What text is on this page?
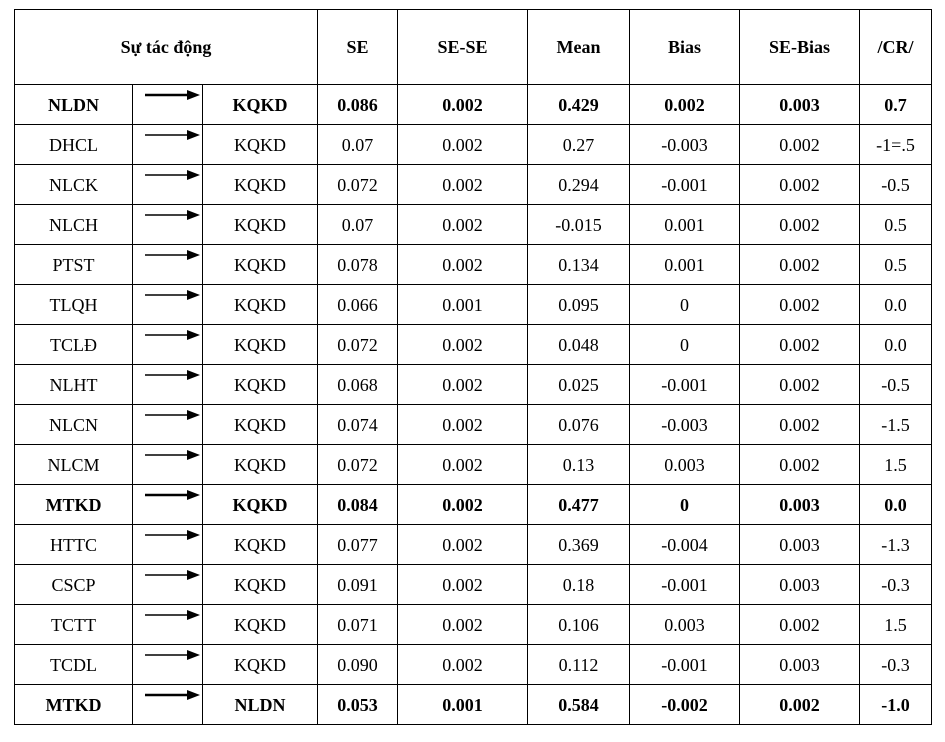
Sự tác động			SE	SE-SE	Mean	Bias	SE-Bias	/CR/
NLDN		KQKD	0.086	0.002	0.429	0.002	0.003	0.7
DHCL		KQKD	0.07	0.002	0.27	-0.003	0.002	-1=.5
NLCK		KQKD	0.072	0.002	0.294	-0.001	0.002	-0.5
NLCH		KQKD	0.07	0.002	-0.015	0.001	0.002	0.5
PTST		KQKD	0.078	0.002	0.134	0.001	0.002	0.5
TLQH		KQKD	0.066	0.001	0.095	0	0.002	0.0
TCLĐ		KQKD	0.072	0.002	0.048	0	0.002	0.0
NLHT		KQKD	0.068	0.002	0.025	-0.001	0.002	-0.5
NLCN		KQKD	0.074	0.002	0.076	-0.003	0.002	-1.5
NLCM		KQKD	0.072	0.002	0.13	0.003	0.002	1.5
MTKD		KQKD	0.084	0.002	0.477	0	0.003	0.0
HTTC		KQKD	0.077	0.002	0.369	-0.004	0.003	-1.3
CSCP		KQKD	0.091	0.002	0.18	-0.001	0.003	-0.3
TCTT		KQKD	0.071	0.002	0.106	0.003	0.002	1.5
TCDL		KQKD	0.090	0.002	0.112	-0.001	0.003	-0.3
MTKD		NLDN	0.053	0.001	0.584	-0.002	0.002	-1.0
